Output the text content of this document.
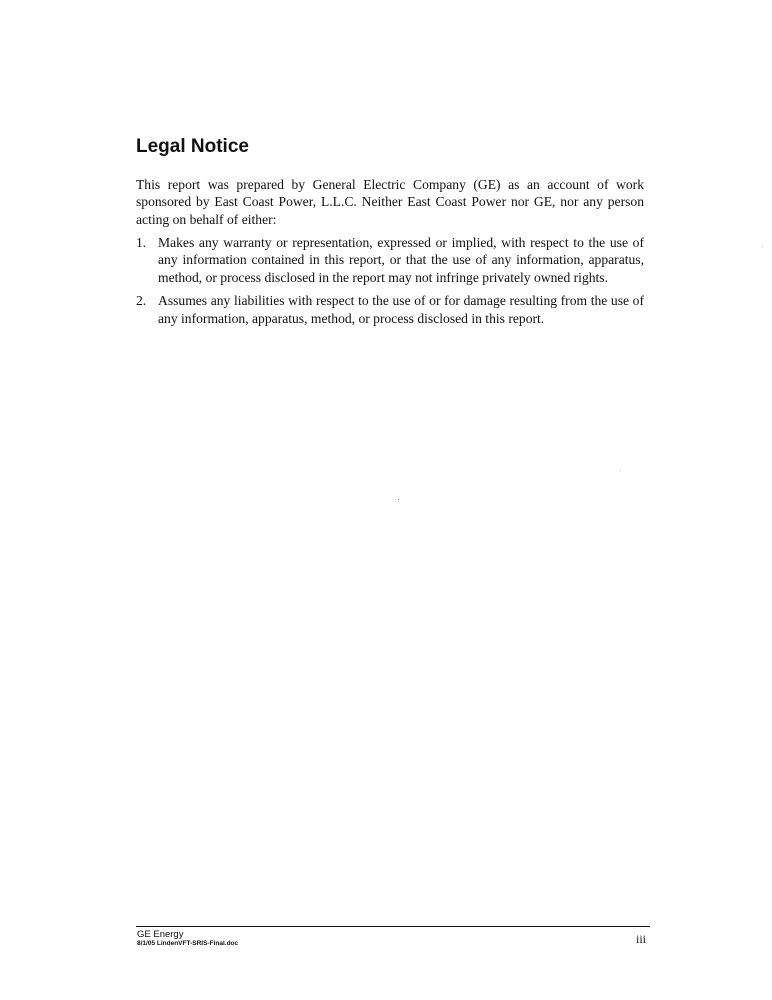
Legal Notice

This report was prepared by General Electric Company (GE) as an account of work sponsored by East Coast Power, L.L.C. Neither East Coast Power nor GE, nor any person acting on behalf of either:

1. Makes any warranty or representation, expressed or implied, with respect to the use of any information contained in this report, or that the use of any information, apparatus, method, or process disclosed in the report may not infringe privately owned rights.
2. Assumes any liabilities with respect to the use of or for damage resulting from the use of any information, apparatus, method, or process disclosed in this report.
GE Energy
8/1/05 LindenVFT-SRIS-Final.doc	iii
